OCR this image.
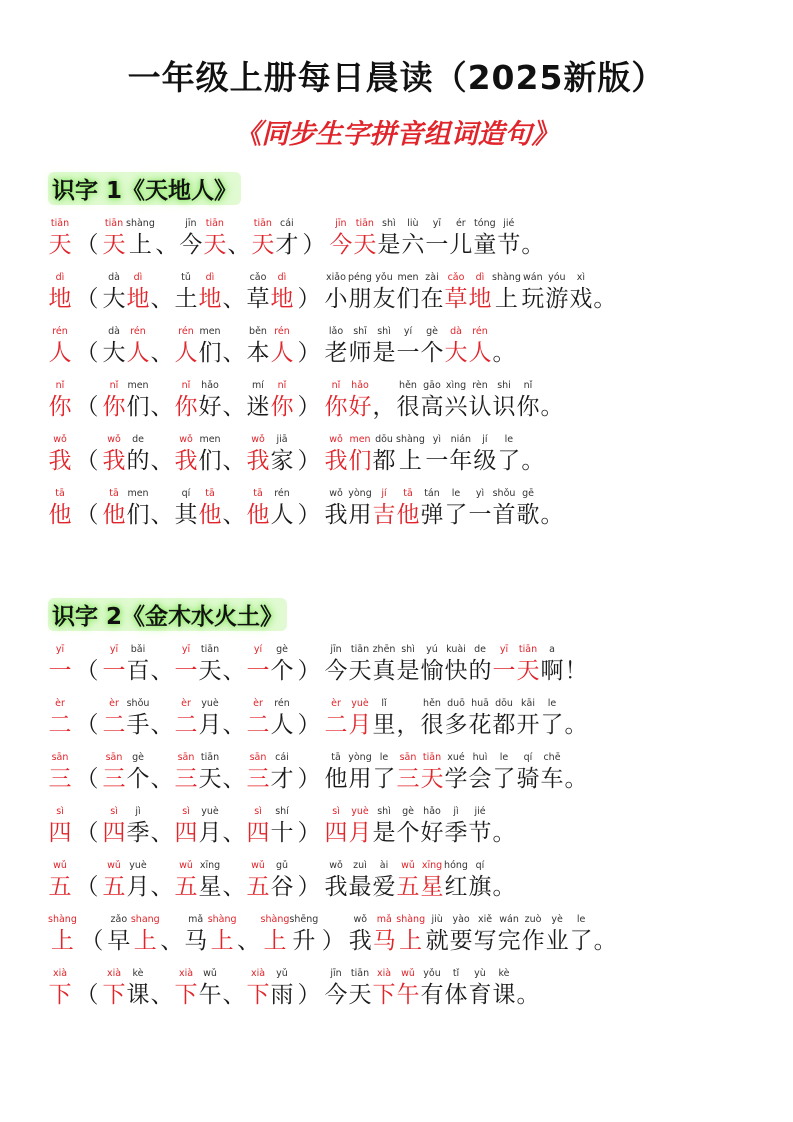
一年级上册每日晨读（2025新版）
《同步生字拼音组词造句》
识字 1《天地人》
tiān
天 （
tiān
天
shàng
上 、
jīn
今
tiān
天 、
tiān
天
cái
才 ）
jīn
今
tiān
天
shì
是
liù
六
yī
一
ér
儿
tóng
童
jié
节 。
dì
地 （
dà
大
dì
地 、
tǔ
土
dì
地 、
cǎo
草
dì
地 ）
xiǎo
小
péng
朋
yǒu
友
men
们
zài
在
cǎo
草
dì
地
shàng
上
wán
玩
yóu
游
xì
戏 。
rén
人 （
dà
大
rén
人 、
rén
人
men
们 、
běn
本
rén
人 ）
lǎo
老
shī
师
shì
是
yí
一
gè
个
dà
大
rén
人 。
nǐ
你 （
nǐ
你
men
们 、
nǐ
你
hǎo
好 、
mí
迷
nǐ
你 ）
nǐ
你
hǎo
好 ，
hěn
很
gāo
高
xìng
兴
rèn
认
shi
识
nǐ
你 。
wǒ
我 （
wǒ
我
de
的 、
wǒ
我
men
们 、
wǒ
我
jiā
家 ）
wǒ
我
men
们
dōu
都
shàng
上
yì
一
nián
年
jí
级
le
了 。
tā
他 （
tā
他
men
们 、
qí
其
tā
他 、
tā
他
rén
人 ）
wǒ
我
yòng
用
jí
吉
tā
他
tán
弹
le
了
yì
一
shǒu
首
gē
歌 。
识字 2《金木水火土》
yī
一 （
yī
一
bǎi
百 、
yī
一
tiān
天 、
yí
一
gè
个 ）
jīn
今
tiān
天
zhēn
真
shì
是
yú
愉
kuài
快
de
的
yī
一
tiān
天
a
啊 ！
èr
二 （
èr
二
shǒu
手 、
èr
二
yuè
月 、
èr
二
rén
人 ）
èr
二
yuè
月
lǐ
里 ，
hěn
很
duō
多
huā
花
dōu
都
kāi
开
le
了 。
sān
三 （
sān
三
gè
个 、
sān
三
tiān
天 、
sān
三
cái
才 ）
tā
他
yòng
用
le
了
sān
三
tiān
天
xué
学
huì
会
le
了
qí
骑
chē
车 。
sì
四 （
sì
四
jì
季 、
sì
四
yuè
月 、
sì
四
shí
十 ）
sì
四
yuè
月
shì
是
gè
个
hǎo
好
jì
季
jié
节 。
wǔ
五 （
wǔ
五
yuè
月 、
wǔ
五
xīng
星 、
wǔ
五
gǔ
谷 ）
wǒ
我
zuì
最
ài
爱
wǔ
五
xīng
星
hóng
红
qí
旗 。
shàng
上 （
zǎo
早
shang
上 、
mǎ
马
shàng
上 、
shàng
上
shēng
升 ）
wǒ
我
mǎ
马
shàng
上
jiù
就
yào
要
xiě
写
wán
完
zuò
作
yè
业
le
了 。
xià
下 （
xià
下
kè
课 、
xià
下
wǔ
午 、
xià
下
yǔ
雨 ）
jīn
今
tiān
天
xià
下
wǔ
午
yǒu
有
tǐ
体
yù
育
kè
课 。
